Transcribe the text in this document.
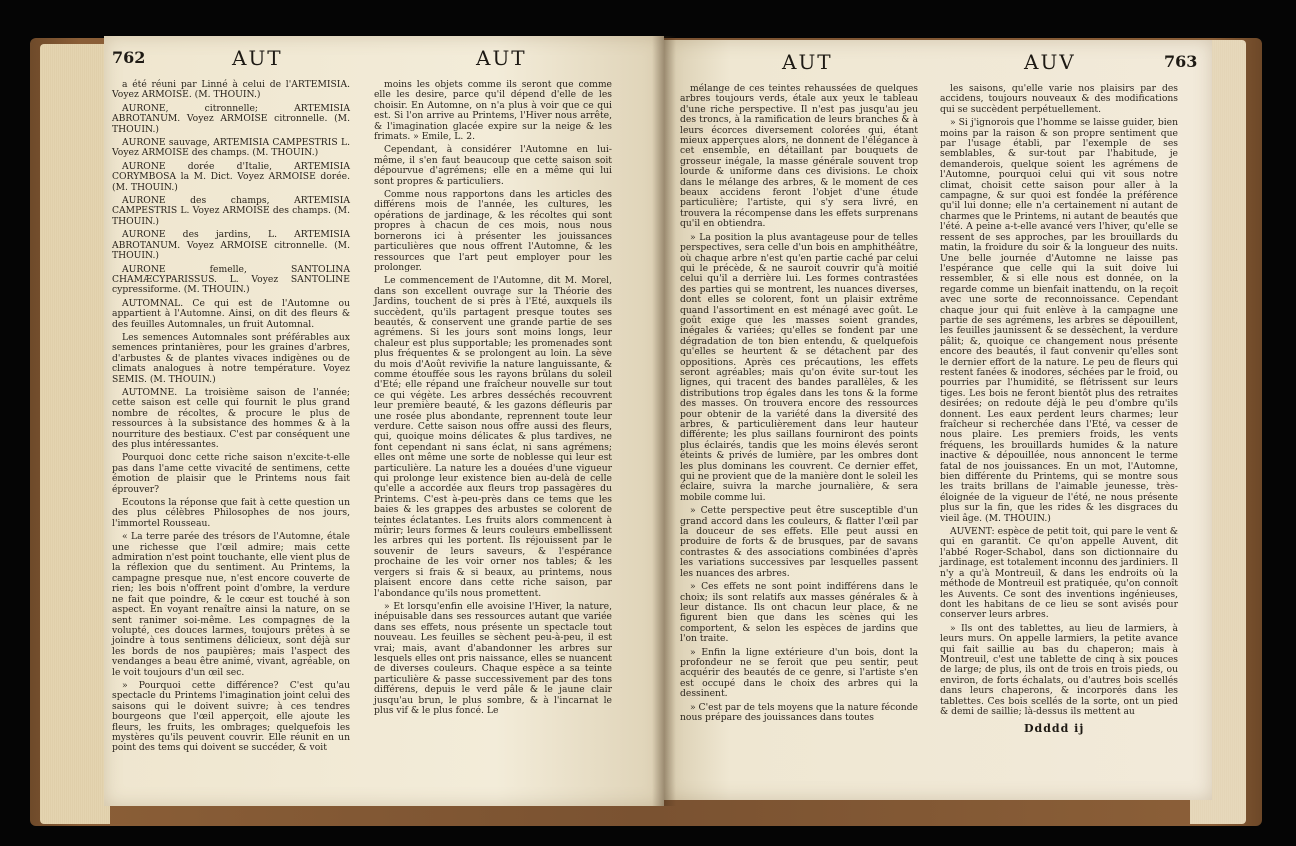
762	AUT	AUT

a été réuni par Linné à celui de l'ARTEMISIA. Voyez ARMOISE. (M. THOUIN.)

AURONE, citronnelle; ARTEMISIA ABROTANUM. Voyez ARMOISE citronnelle. (M. THOUIN.)

AURONE sauvage, ARTEMISIA CAMPESTRIS L. Voyez ARMOISE des champs. (M. THOUIN.)

AURONE dorée d'Italie, ARTEMISIA CORYMBOSA la M. Dict. Voyez ARMOISE dorée. (M. THOUIN.)

AURONE des champs, ARTEMISIA CAMPESTRIS L. Voyez ARMOISE des champs. (M. THOUIN.)

AURONE des jardins, L. ARTEMISIA ABROTANUM. Voyez ARMOISE citronnelle. (M. THOUIN.)

AURONE femelle, SANTOLINA CHAMÆCYPARISSUS. L. Voyez SANTOLINE cypressiforme. (M. THOUIN.)

AUTOMNAL. Ce qui est de l'Automne ou appartient à l'Automne. Ainsi, on dit des fleurs & des feuilles Automnales, un fruit Automnal.

Les semences Automnales sont préférables aux semences printanières, pour les graines d'arbres, d'arbustes & de plantes vivaces indigènes ou de climats analogues à notre température. Voyez SEMIS. (M. THOUIN.)

AUTOMNE. La troisième saison de l'année; cette saison est celle qui fournit le plus grand nombre de récoltes, & procure le plus de ressources à la subsistance des hommes & à la nourriture des bestiaux. C'est par conséquent une des plus intéressantes.

Pourquoi donc cette riche saison n'excite-t-elle pas dans l'ame cette vivacité de sentimens, cette émotion de plaisir que le Printems nous fait éprouver?

Ecoutons la réponse que fait à cette question un des plus célèbres Philosophes de nos jours, l'immortel Rousseau.

« La terre parée des trésors de l'Automne, étale une richesse que l'œil admire; mais cette admiration n'est point touchante, elle vient plus de la réflexion que du sentiment. Au Printems, la campagne presque nue, n'est encore couverte de rien; les bois n'offrent point d'ombre, la verdure ne fait que poindre, & le cœur est touché à son aspect. En voyant renaître ainsi la nature, on se sent ranimer soi-même. Les compagnes de la volupté, ces douces larmes, toujours prêtes à se joindre à tous sentimens délicieux, sont déjà sur les bords de nos paupières; mais l'aspect des vendanges a beau être animé, vivant, agréable, on le voit toujours d'un œil sec.

» Pourquoi cette différence? C'est qu'au spectacle du Printems l'imagination joint celui des saisons qui le doivent suivre; à ces tendres bourgeons que l'œil apperçoit, elle ajoute les fleurs, les fruits, les ombrages; quelquefois les mystères qu'ils peuvent couvrir. Elle réunit en un point des tems qui doivent se succéder, & voit

moins les objets comme ils seront que comme elle les desire, parce qu'il dépend d'elle de les choisir. En Automne, on n'a plus à voir que ce qui est. Si l'on arrive au Printems, l'Hiver nous arrête, & l'imagination glacée expire sur la neige & les frimats. » Emile, L. 2.

Cependant, à considérer l'Automne en lui-même, il s'en faut beaucoup que cette saison soit dépourvue d'agrémens; elle en a même qui lui sont propres & particuliers.

Comme nous rapportons dans les articles des différens mois de l'année, les cultures, les opérations de jardinage, & les récoltes qui sont propres à chacun de ces mois, nous nous bornerons ici à présenter les jouissances particulières que nous offrent l'Automne, & les ressources que l'art peut employer pour les prolonger.

Le commencement de l'Automne, dit M. Morel, dans son excellent ouvrage sur la Théorie des Jardins, touchent de si près à l'Eté, auxquels ils succèdent, qu'ils partagent presque toutes ses beautés, & conservent une grande partie de ses agrémens. Si les jours sont moins longs, leur chaleur est plus supportable; les promenades sont plus fréquentes & se prolongent au loin. La sève du mois d'Août revivifie la nature languissante, & comme étouffée sous les rayons brûlans du soleil d'Eté; elle répand une fraîcheur nouvelle sur tout ce qui végète. Les arbres desséchés recouvrent leur première beauté, & les gazons défleuris par une rosée plus abondante, reprennent toute leur verdure. Cette saison nous offre aussi des fleurs, qui, quoique moins délicates & plus tardives, ne font cependant ni sans éclat, ni sans agrémens; elles ont même une sorte de noblesse qui leur est particulière. La nature les a douées d'une vigueur qui prolonge leur existence bien au-delà de celle qu'elle a accordée aux fleurs trop passagères du Printems. C'est à-peu-près dans ce tems que les baies & les grappes des arbustes se colorent de teintes éclatantes. Les fruits alors commencent à mûrir; leurs formes & leurs couleurs embellissent les arbres qui les portent. Ils réjouissent par le souvenir de leurs saveurs, & l'espérance prochaine de les voir orner nos tables; & les vergers si frais & si beaux, au printems, nous plaisent encore dans cette riche saison, par l'abondance qu'ils nous promettent.

» Et lorsqu'enfin elle avoisine l'Hiver, la nature, inépuisable dans ses ressources autant que variée dans ses effets, nous présente un spectacle tout nouveau. Les feuilles se sèchent peu-à-peu, il est vrai; mais, avant d'abandonner les arbres sur lesquels elles ont pris naissance, elles se nuancent de diverses couleurs. Chaque espèce a sa teinte particulière & passe successivement par des tons différens, depuis le verd pâle & le jaune clair jusqu'au brun, le plus sombre, & à l'incarnat le plus vif & le plus foncé. Le

AUT	AUV	763

mélange de ces teintes rehaussées de quelques arbres toujours verds, étale aux yeux le tableau d'une riche perspective. Il n'est pas jusqu'au jeu des troncs, à la ramification de leurs branches & à leurs écorces diversement colorées qui, étant mieux apperçues alors, ne donnent de l'élégance à cet ensemble, en détaillant par bouquets de grosseur inégale, la masse générale souvent trop lourde & uniforme dans ces divisions. Le choix dans le mélange des arbres, & le moment de ces beaux accidens feront l'objet d'une étude particulière; l'artiste, qui s'y sera livré, en trouvera la récompense dans les effets surprenans qu'il en obtiendra.

» La position la plus avantageuse pour de telles perspectives, sera celle d'un bois en amphithéâtre, où chaque arbre n'est qu'en partie caché par celui qui le précède, & ne sauroit couvrir qu'à moitié celui qu'il a derrière lui. Les formes contrastées des parties qui se montrent, les nuances diverses, dont elles se colorent, font un plaisir extrême quand l'assortiment en est ménagé avec goût. Le goût exige que les masses soient grandes, inégales & variées; qu'elles se fondent par une dégradation de ton bien entendu, & quelquefois qu'elles se heurtent & se détachent par des oppositions. Après ces précautions, les effets seront agréables; mais qu'on évite sur-tout les lignes, qui tracent des bandes parallèles, & les distributions trop égales dans les tons & la forme des masses. On trouvera encore des ressources pour obtenir de la variété dans la diversité des arbres, & particulièrement dans leur hauteur différente; les plus saillans fourniront des points plus éclairés, tandis que les moins élevés seront éteints & privés de lumière, par les ombres dont les plus dominans les couvrent. Ce dernier effet, qui ne provient que de la manière dont le soleil les éclaire, suivra la marche journalière, & sera mobile comme lui.

» Cette perspective peut être susceptible d'un grand accord dans les couleurs, & flatter l'œil par la douceur de ses effets. Elle peut aussi en produire de forts & de brusques, par de savans contrastes & des associations combinées d'après les variations successives par lesquelles passent les nuances des arbres.

» Ces effets ne sont point indifférens dans le choix; ils sont relatifs aux masses générales & à leur distance. Ils ont chacun leur place, & ne figurent bien que dans les scènes qui les comportent, & selon les espèces de jardins que l'on traite.

» Enfin la ligne extérieure d'un bois, dont la profondeur ne se feroit que peu sentir, peut acquérir des beautés de ce genre, si l'artiste s'en est occupé dans le choix des arbres qui la dessinent.

» C'est par de tels moyens que la nature féconde nous prépare des jouissances dans toutes

les saisons, qu'elle varie nos plaisirs par des accidens, toujours nouveaux & des modifications qui se succèdent perpétuellement.

» Si j'ignorois que l'homme se laisse guider, bien moins par la raison & son propre sentiment que par l'usage établi, par l'exemple de ses semblables, & sur-tout par l'habitude, je demanderois, quelque soient les agrémens de l'Automne, pourquoi celui qui vit sous notre climat, choisit cette saison pour aller à la campagne, & sur quoi est fondée la préférence qu'il lui donne; elle n'a certainement ni autant de charmes que le Printems, ni autant de beautés que l'été. A peine a-t-elle avancé vers l'hiver, qu'elle se ressent de ses approches, par les brouillards du matin, la froidure du soir & la longueur des nuits. Une belle journée d'Automne ne laisse pas l'espérance que celle qui la suit doive lui ressembler, & si elle nous est donnée, on la regarde comme un bienfait inattendu, on la reçoit avec une sorte de reconnoissance. Cependant chaque jour qui fuit enlève à la campagne une partie de ses agrémens, les arbres se dépouillent, les feuilles jaunissent & se dessèchent, la verdure pâlit; &, quoique ce changement nous présente encore des beautés, il faut convenir qu'elles sont le dernier effort de la nature. Le peu de fleurs qui restent fanées & inodores, séchées par le froid, ou pourries par l'humidité, se flétrissent sur leurs tiges. Les bois ne feront bientôt plus des retraites desirées; on redoute déjà le peu d'ombre qu'ils donnent. Les eaux perdent leurs charmes; leur fraîcheur si recherchée dans l'Eté, va cesser de nous plaire. Les premiers froids, les vents fréquens, les brouillards humides & la nature inactive & dépouillée, nous annoncent le terme fatal de nos jouissances. En un mot, l'Automne, bien différente du Printems, qui se montre sous les traits brillans de l'aimable jeunesse, très-éloignée de la vigueur de l'été, ne nous présente plus sur la fin, que les rides & les disgraces du vieil âge. (M. THOUIN.)

AUVENT: espèce de petit toit, qui pare le vent & qui en garantit. Ce qu'on appelle Auvent, dit l'abbé Roger-Schabol, dans son dictionnaire du jardinage, est totalement inconnu des jardiniers. Il n'y a qu'à Montreuil, & dans les endroits où la méthode de Montreuil est pratiquée, qu'on connoît les Auvents. Ce sont des inventions ingénieuses, dont les habitans de ce lieu se sont avisés pour conserver leurs arbres.

» Ils ont des tablettes, au lieu de larmiers, à leurs murs. On appelle larmiers, la petite avance qui fait saillie au bas du chaperon; mais à Montreuil, c'est une tablette de cinq à six pouces de large; de plus, ils ont de trois en trois pieds, ou environ, de forts échalats, ou d'autres bois scellés dans leurs chaperons, & incorporés dans les tablettes. Ces bois scellés de la sorte, ont un pied & demi de saillie; là-dessus ils mettent au

Ddddd ij
